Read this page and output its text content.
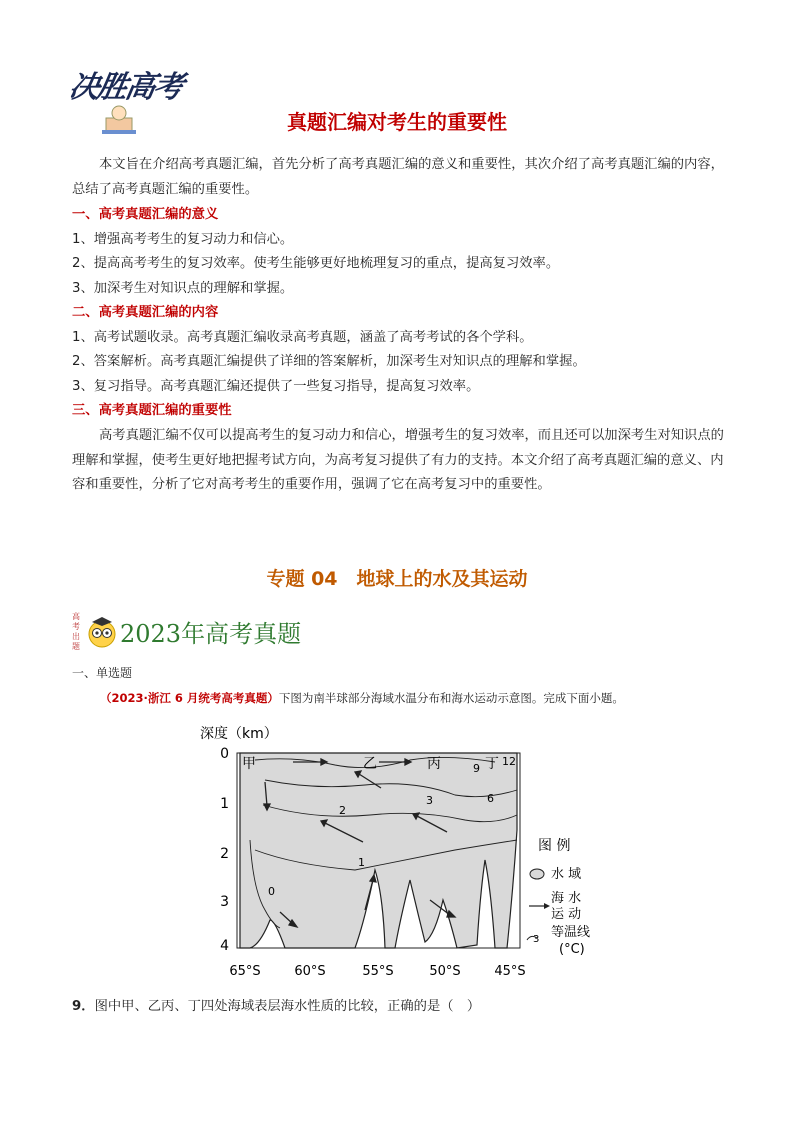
决胜高考
真题汇编对考生的重要性
本文旨在介绍高考真题汇编，首先分析了高考真题汇编的意义和重要性，其次介绍了高考真题汇编的内容，总结了高考真题汇编的重要性。
一、高考真题汇编的意义
1、增强高考考生的复习动力和信心。
2、提高高考考生的复习效率。使考生能够更好地梳理复习的重点，提高复习效率。
3、加深考生对知识点的理解和掌握。
二、高考真题汇编的内容
1、高考试题收录。高考真题汇编收录高考真题，涵盖了高考考试的各个学科。
2、答案解析。高考真题汇编提供了详细的答案解析，加深考生对知识点的理解和掌握。
3、复习指导。高考真题汇编还提供了一些复习指导，提高复习效率。
三、高考真题汇编的重要性
高考真题汇编不仅可以提高考生的复习动力和信心，增强考生的复习效率，而且还可以加深考生对知识点的理解和掌握，使考生更好地把握考试方向，为高考复习提供了有力的支持。本文介绍了高考真题汇编的意义、内容和重要性，分析了它对高考考生的重要作用，强调了它在高考复习中的重要性。
专题 04　地球上的水及其运动
高考出题 2023年高考真题
一、单选题
（2023·浙江 6 月统考高考真题）下图为南半球部分海域水温分布和海水运动示意图。完成下面小题。
深度（km）
0
1
2
3
4
甲	乙	丙	丁
0
1
2
3	6
9
12
65°S	60°S	55°S	50°S	45°S
图 例
水 域
海 水
运 动
3 等温线
(°C)
9．图中甲、乙丙、丁四处海域表层海水性质的比较，正确的是（　）
